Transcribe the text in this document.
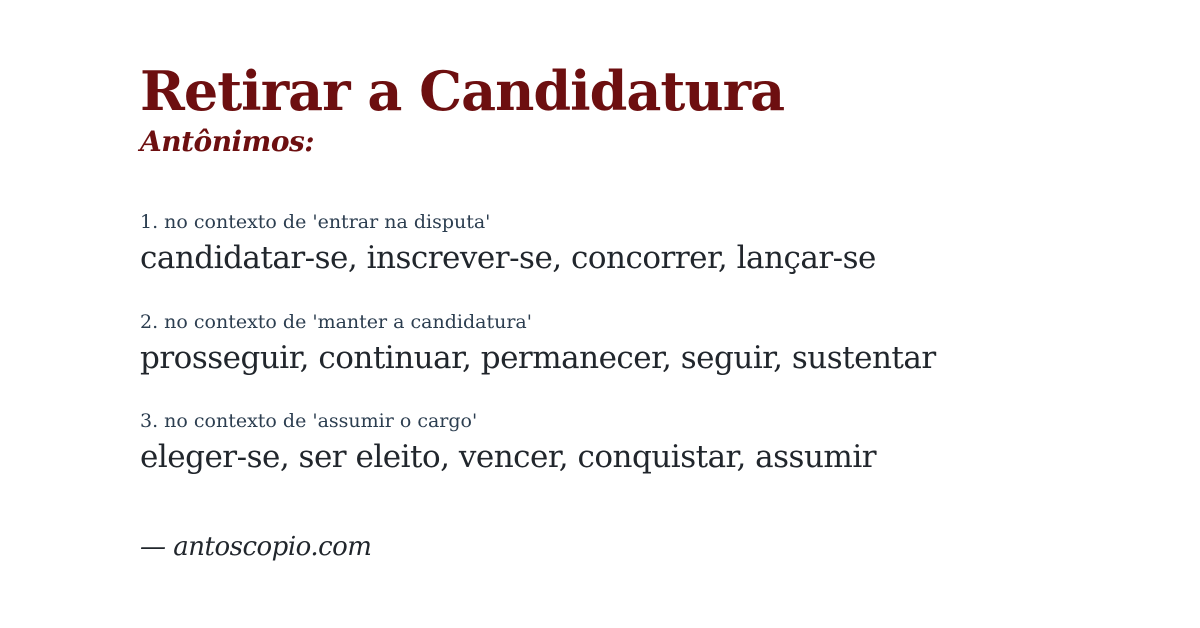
Retirar a Candidatura
Antônimos:
1. no contexto de 'entrar na disputa'
candidatar-se, inscrever-se, concorrer, lançar-se
2. no contexto de 'manter a candidatura'
prosseguir, continuar, permanecer, seguir, sustentar
3. no contexto de 'assumir o cargo'
eleger-se, ser eleito, vencer, conquistar, assumir
— antoscopio.com
